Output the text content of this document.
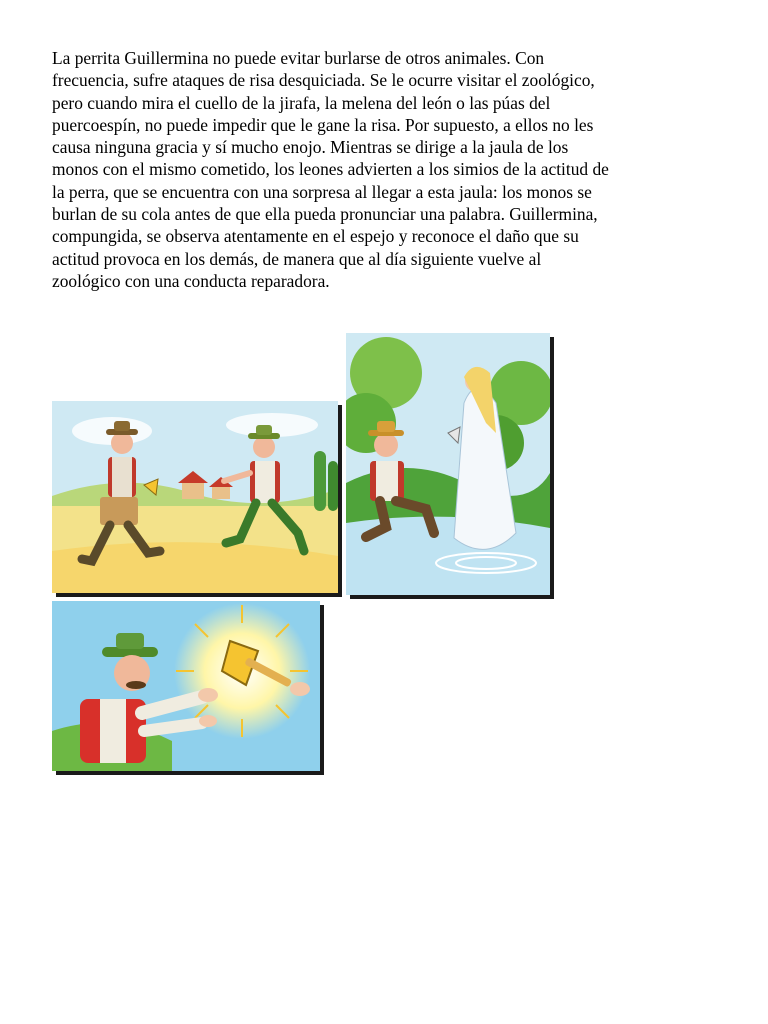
La perrita Guillermina no puede evitar burlarse de otros animales. Con
frecuencia, sufre ataques de risa desquiciada. Se le ocurre visitar el zoológico,
pero cuando mira el cuello de la jirafa, la melena del león o las púas del
puercoespín, no puede impedir que le gane la risa. Por supuesto, a ellos no les
causa ninguna gracia y sí mucho enojo. Mientras se dirige a la jaula de los
monos con el mismo cometido, los leones advierten a los simios de la actitud de
la perra, que se encuentra con una sorpresa al llegar a esta jaula: los monos se
burlan de su cola antes de que ella pueda pronunciar una palabra. Guillermina,
compungida, se observa atentamente en el espejo y reconoce el daño que su
actitud provoca en los demás, de manera que al día siguiente vuelve al
zoológico con una conducta reparadora.
